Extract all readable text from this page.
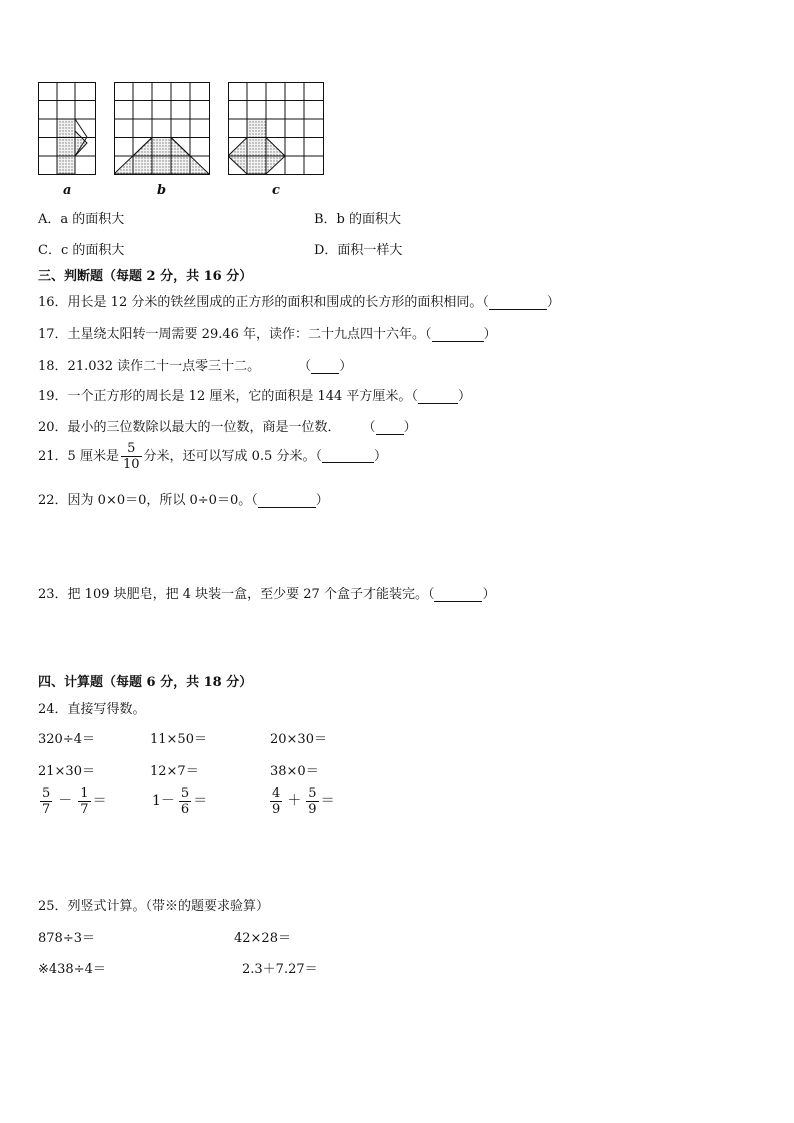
a	b	c
A．a 的面积大	B．b 的面积大
C．c 的面积大	D．面积一样大
三、判断题（每题 2 分，共 16 分）
16．用长是 12 分米的铁丝围成的正方形的面积和围成的长方形的面积相同。（	）
17．土星绕太阳转一周需要 29.46 年，读作：二十九点四十六年。（	）
18．21.032 读作二十一点零三十二。	（ ）
19．一个正方形的周长是 12 厘米，它的面积是 144 平方厘米。（	）
20．最小的三位数除以最大的一位数，商是一位数． （ ）
21．5 厘米是 $\frac{5}{10}$ 分米，还可以写成 0.5 分米。（	）
22．因为 0×0＝0，所以 0÷0＝0。（	）
23．把 109 块肥皂，把 4 块装一盒，至少要 27 个盒子才能装完。（	）
四、计算题（每题 6 分，共 18 分）
24．直接写得数。
320÷4＝	11×50＝	20×30＝
21×30＝	12×7＝	38×0＝
$\frac{5}{7} - \frac{1}{7}$ ＝	$1- \frac{5}{6}$ ＝	$\frac{4}{9} + \frac{5}{9}$ ＝
25．列竖式计算。（带※的题要求验算）
878÷3＝	42×28＝
※438÷4＝	2.3＋7.27＝
